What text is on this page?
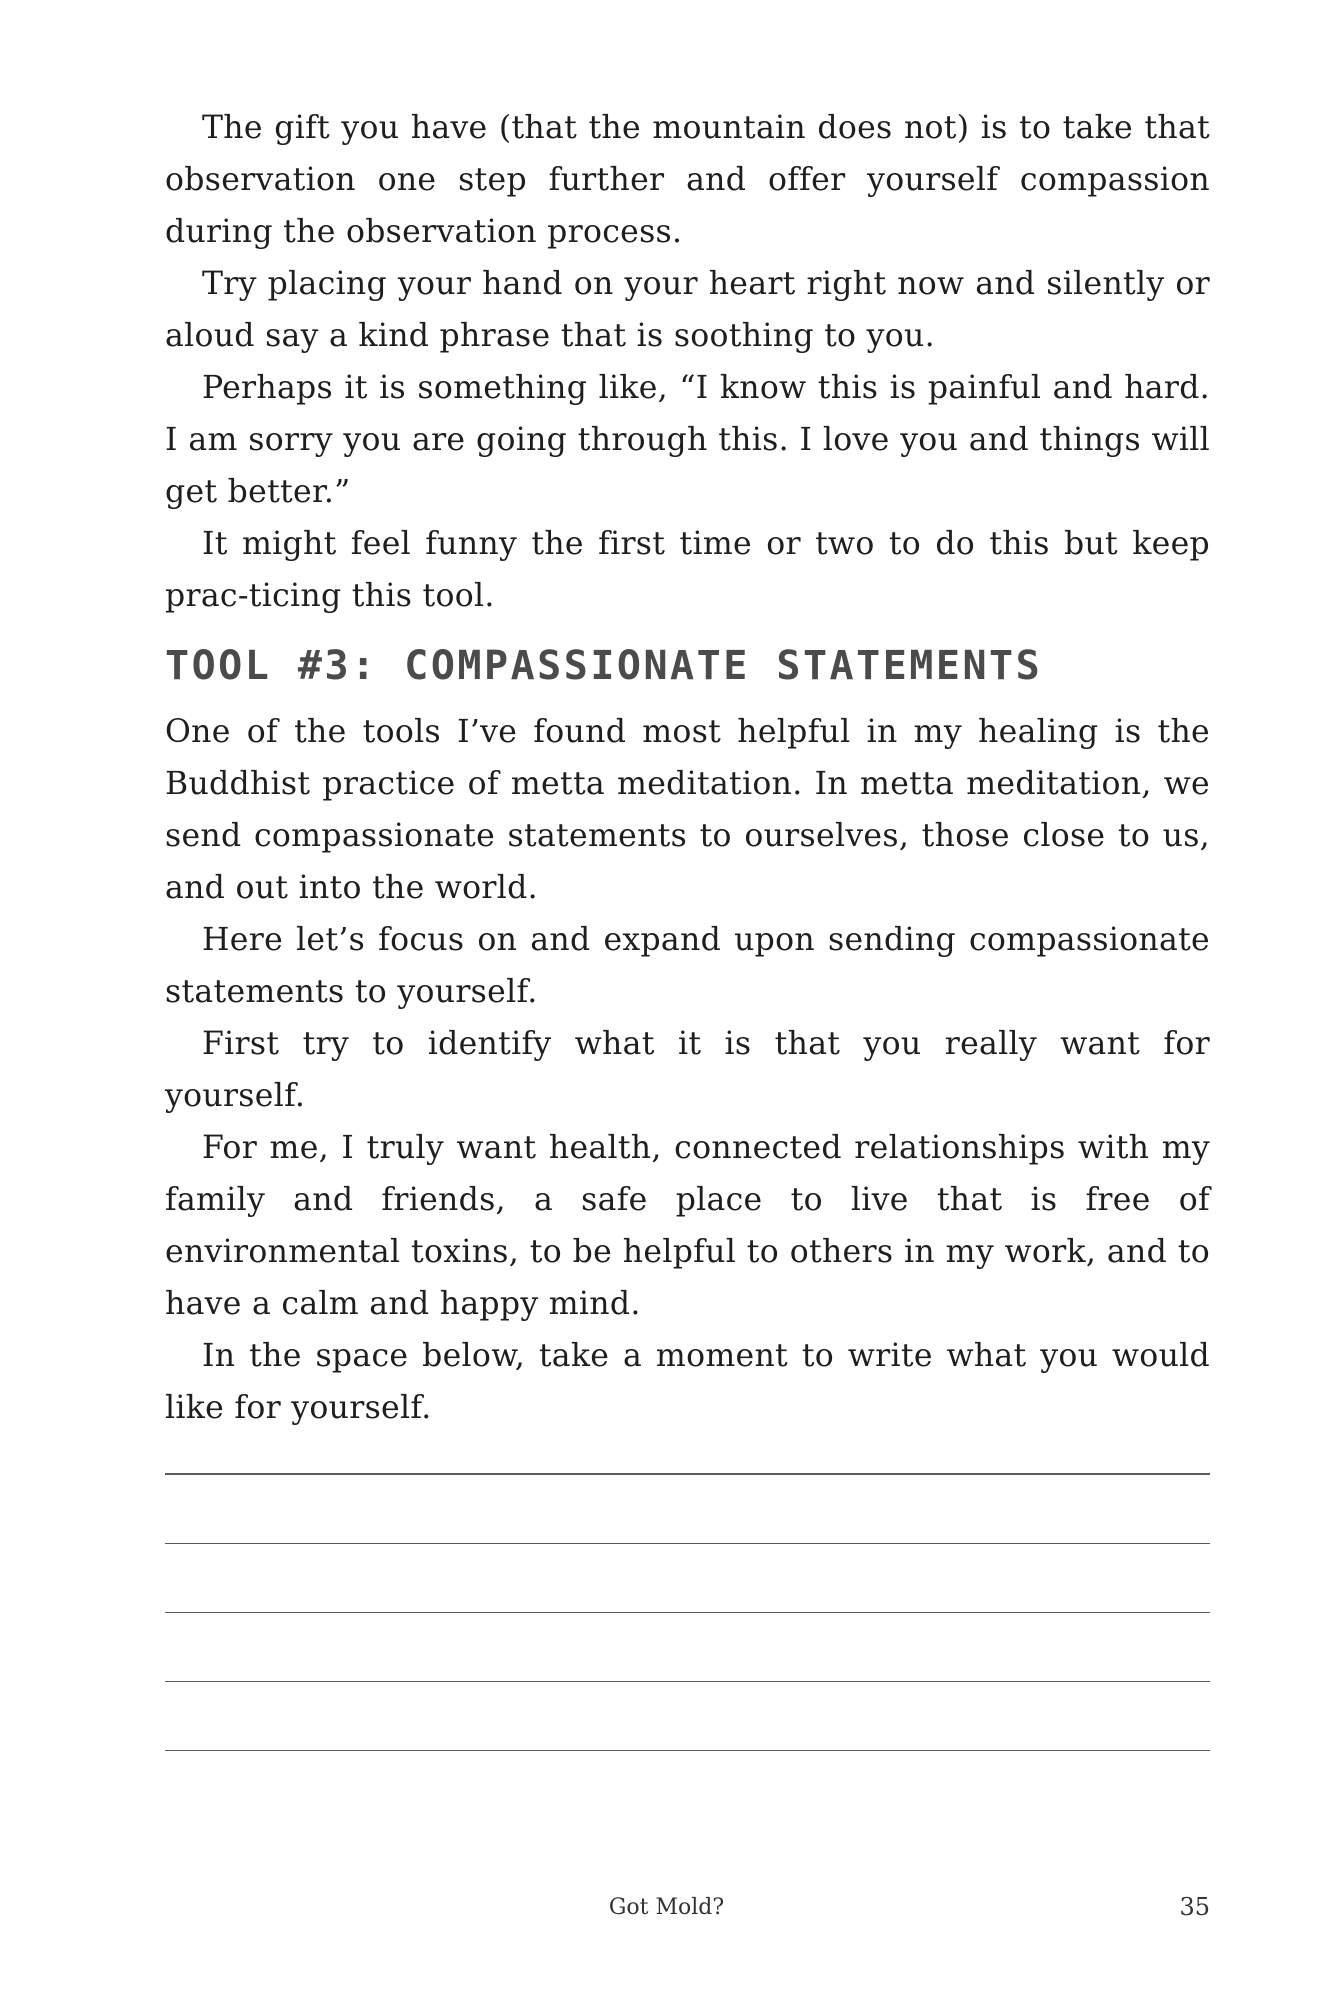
The gift you have (that the mountain does not) is to take that observation one step further and offer yourself compassion during the observation process.

Try placing your hand on your heart right now and silently or aloud say a kind phrase that is soothing to you.

Perhaps it is something like, “I know this is painful and hard. I am sorry you are going through this. I love you and things will get better.”

It might feel funny the first time or two to do this but keep prac-ticing this tool.

TOOL #3: COMPASSIONATE STATEMENTS

One of the tools I’ve found most helpful in my healing is the Buddhist practice of metta meditation. In metta meditation, we send compassionate statements to ourselves, those close to us, and out into the world.

Here let’s focus on and expand upon sending compassionate statements to yourself.

First try to identify what it is that you really want for yourself.

For me, I truly want health, connected relationships with my family and friends, a safe place to live that is free of environmental toxins, to be helpful to others in my work, and to have a calm and happy mind.

In the space below, take a moment to write what you would like for yourself.

Got Mold?	35
